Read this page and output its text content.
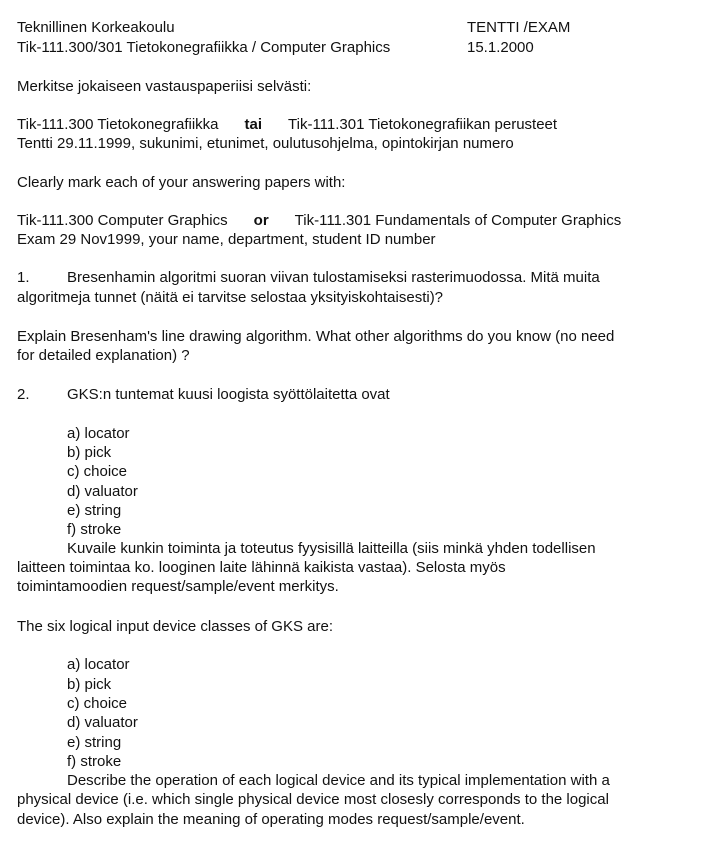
Teknillinen Korkeakoulu

Tik-111.300/301 Tietokonegrafiikka / Computer Graphics

TENTTI /EXAM

15.1.2000

Merkitse jokaiseen vastauspaperiisi selvästi:

Tik-111.300 Tietokonegrafiikka tai Tik-111.301 Tietokonegrafiikan perusteet

Tentti 29.11.1999, sukunimi, etunimet, oulutusohjelma, opintokirjan numero

Clearly mark each of your answering papers with:

Tik-111.300 Computer Graphics or Tik-111.301 Fundamentals of Computer Graphics

Exam 29 Nov1999, your name, department, student ID number

1. Bresenhamin algoritmi suoran viivan tulostamiseksi rasterimuodossa. Mitä muita

algoritmeja tunnet (näitä ei tarvitse selostaa yksityiskohtaisesti)?

Explain Bresenham's line drawing algorithm. What other algorithms do you know (no need

for detailed explanation) ?

2. GKS:n tuntemat kuusi loogista syöttölaitetta ovat

a) locator

b) pick

c) choice

d) valuator

e) string

f) stroke

Kuvaile kunkin toiminta ja toteutus fyysisillä laitteilla (siis minkä yhden todellisen

laitteen toimintaa ko. looginen laite lähinnä kaikista vastaa). Selosta myös

toimintamoodien request/sample/event merkitys.

The six logical input device classes of GKS are:

a) locator

b) pick

c) choice

d) valuator

e) string

f) stroke

Describe the operation of each logical device and its typical implementation with a

physical device (i.e. which single physical device most closesly corresponds to the logical

device). Also explain the meaning of operating modes request/sample/event.
